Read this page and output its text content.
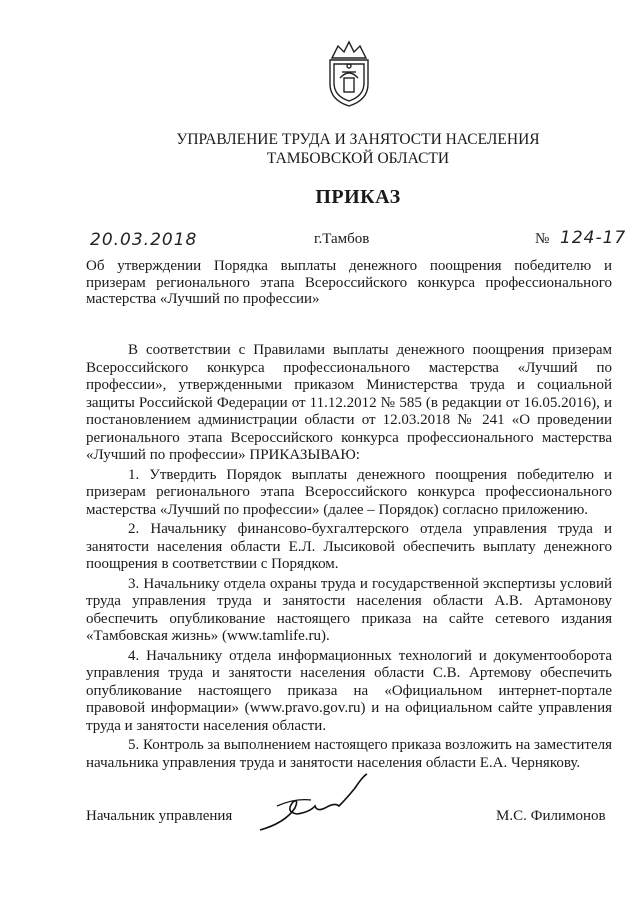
УПРАВЛЕНИЕ ТРУДА И ЗАНЯТОСТИ НАСЕЛЕНИЯ
ТАМБОВСКОЙ ОБЛАСТИ
ПРИКАЗ
20.03.2018	г.Тамбов	№ 124-17
Об утверждении Порядка выплаты денежного поощрения победителю и призерам регионального этапа Всероссийского конкурса профессионального мастерства «Лучший по профессии»

В соответствии с Правилами выплаты денежного поощрения призерам Всероссийского конкурса профессионального мастерства «Лучший по профессии», утвержденными приказом Министерства труда и социальной защиты Российской Федерации от 11.12.2012 № 585 (в редакции от 16.05.2016), и постановлением администрации области от 12.03.2018 № 241 «О проведении регионального этапа Всероссийского конкурса профессионального мастерства «Лучший по профессии» ПРИКАЗЫВАЮ:

1. Утвердить Порядок выплаты денежного поощрения победителю и призерам регионального этапа Всероссийского конкурса профессионального мастерства «Лучший по профессии» (далее – Порядок) согласно приложению.

2. Начальнику финансово-бухгалтерского отдела управления труда и занятости населения области Е.Л. Лысиковой обеспечить выплату денежного поощрения в соответствии с Порядком.

3. Начальнику отдела охраны труда и государственной экспертизы условий труда управления труда и занятости населения области А.В. Артамонову обеспечить опубликование настоящего приказа на сайте сетевого издания «Тамбовская жизнь» (www.tamlife.ru).

4. Начальнику отдела информационных технологий и документооборота управления труда и занятости населения области С.В. Артемову обеспечить опубликование настоящего приказа на «Официальном интернет-портале правовой информации» (www.pravo.gov.ru) и на официальном сайте управления труда и занятости населения области.

5. Контроль за выполнением настоящего приказа возложить на заместителя начальника управления труда и занятости населения области Е.А. Чернякову.

Начальник управления	М.С. Филимонов
